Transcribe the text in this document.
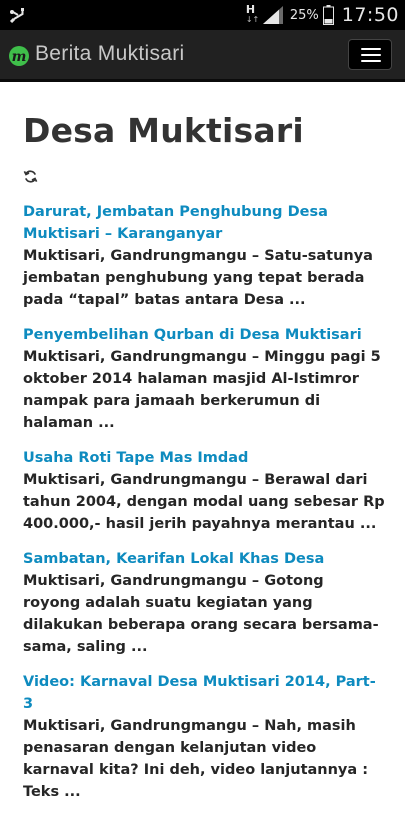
H
↓↑ 25% 17:50
m Berita Muktisari
Desa Muktisari
Darurat, Jembatan Penghubung Desa Muktisari – Karanganyar

Muktisari, Gandrungmangu – Satu-satunya jembatan penghubung yang tepat berada pada “tapal” batas antara Desa ...

Penyembelihan Qurban di Desa Muktisari

Muktisari, Gandrungmangu – Minggu pagi 5 oktober 2014 halaman masjid Al-Istimror nampak para jamaah berkerumun di halaman ...

Usaha Roti Tape Mas Imdad

Muktisari, Gandrungmangu – Berawal dari tahun 2004, dengan modal uang sebesar Rp 400.000,- hasil jerih payahnya merantau ...

Sambatan, Kearifan Lokal Khas Desa

Muktisari, Gandrungmangu – Gotong royong adalah suatu kegiatan yang dilakukan beberapa orang secara bersama-sama, saling ...

Video: Karnaval Desa Muktisari 2014, Part-3

Muktisari, Gandrungmangu – Nah, masih penasaran dengan kelanjutan video karnaval kita? Ini deh, video lanjutannya : Teks ...
